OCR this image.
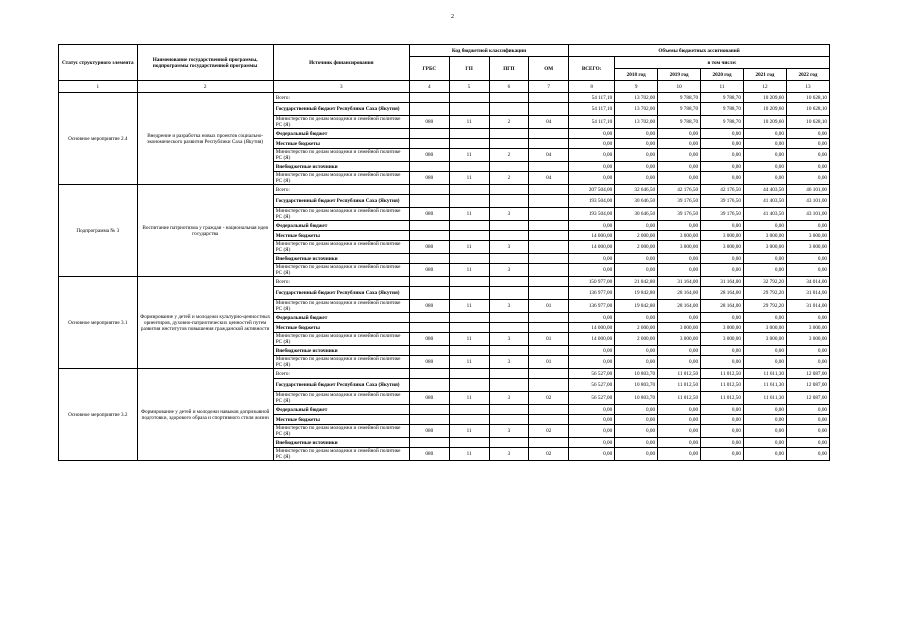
2
Статус структурного элемента	Наименование государственной программы, подпрограммы государственной программы	Источник финансирования	Код бюджетной классификации				Объемы бюджетных ассигнований					
			ГРБС	ГП	ПГП	ОМ	ВСЕГО:	в том числе:				
								2018 год	2019 год	2020 год	2021 год	2022 год

1	2	3	4	5	6	7	8	9	10	11	12	13
Основное мероприятие 2.4	Внедрение и разработка новых проектов социально-экономического развития Республики Саха (Якутия)	Всего:					54 117,10	13 702,00	9 788,70	9 788,70	10 209,60	10 628,10
		Государственный бюджет Республики Саха (Якутия)					54 117,10	13 702,00	9 788,70	9 788,70	10 209,60	10 628,10
		Министерство по делам молодежи и семейной политике РС (Я)	080	11	2	04	54 117,10	13 702,00	9 788,70	9 788,70	10 209,60	10 628,10
		Федеральный бюджет					0,00	0,00	0,00	0,00	0,00	0,00
		Местные бюджеты					0,00	0,00	0,00	0,00	0,00	0,00
		Министерство по делам молодежи и семейной политике РС (Я)	080	11	2	04	0,00	0,00	0,00	0,00	0,00	0,00
		Внебюджетные источники					0,00	0,00	0,00	0,00	0,00	0,00
		Министерство по делам молодежи и семейной политике РС (Я)	080	11	2	04	0,00	0,00	0,00	0,00	0,00	0,00
Подпрограмма № 3	Воспитание патриотизма у граждан - национальная идея государства	Всего:					207 504,00	32 646,50	42 176,50	42 176,50	44 403,50	46 101,00
		Государственный бюджет Республики Саха (Якутия)					193 504,00	30 646,50	39 176,50	39 176,50	41 403,50	43 101,00
		Министерство по делам молодежи и семейной политике РС (Я)	080	11	3		193 504,00	30 646,50	39 176,50	39 176,50	41 403,50	43 101,00
		Федеральный бюджет					0,00	0,00	0,00	0,00	0,00	0,00
		Местные бюджеты					14 000,00	2 000,00	3 000,00	3 000,00	3 000,00	3 000,00
		Министерство по делам молодежи и семейной политике РС (Я)	080	11	3		14 000,00	2 000,00	3 000,00	3 000,00	3 000,00	3 000,00
		Внебюджетные источники					0,00	0,00	0,00	0,00	0,00	0,00
		Министерство по делам молодежи и семейной политике РС (Я)	080	11	3		0,00	0,00	0,00	0,00	0,00	0,00
Основное мероприятие 3.1	Формирование у детей и молодежи культурно-ценностных ориентиров, духовно-патриотических ценностей путем развития институтов повышения гражданской активности	Всего:					150 977,00	21 842,80	31 164,00	31 164,00	32 792,20	34 014,00
		Государственный бюджет Республики Саха (Якутия)					136 977,00	19 842,80	28 164,00	28 164,00	29 792,20	31 014,00
		Министерство по делам молодежи и семейной политике РС (Я)	080	11	3	01	136 977,00	19 842,80	28 164,00	28 164,00	29 792,20	31 014,00
		Федеральный бюджет					0,00	0,00	0,00	0,00	0,00	0,00
		Местные бюджеты					14 000,00	2 000,00	3 000,00	3 000,00	3 000,00	3 000,00
		Министерство по делам молодежи и семейной политике РС (Я)	080	11	3	01	14 000,00	2 000,00	3 000,00	3 000,00	3 000,00	3 000,00
		Внебюджетные источники					0,00	0,00	0,00	0,00	0,00	0,00
		Министерство по делам молодежи и семейной политике РС (Я)	080	11	3	01	0,00	0,00	0,00	0,00	0,00	0,00
Основное мероприятие 3.2	Формирование у детей и молодежи навыков допризывной подготовки, здорового образа и спортивного стиля жизни	Всего:					56 527,00	10 803,70	11 012,50	11 012,50	11 611,30	12 087,00
		Государственный бюджет Республики Саха (Якутия)					56 527,00	10 803,70	11 012,50	11 012,50	11 611,30	12 087,00
		Министерство по делам молодежи и семейной политике РС (Я)	080	11	3	02	56 527,00	10 803,70	11 012,50	11 012,50	11 611,30	12 087,00
		Федеральный бюджет					0,00	0,00	0,00	0,00	0,00	0,00
		Местные бюджеты					0,00	0,00	0,00	0,00	0,00	0,00
		Министерство по делам молодежи и семейной политике РС (Я)	080	11	3	02	0,00	0,00	0,00	0,00	0,00	0,00
		Внебюджетные источники					0,00	0,00	0,00	0,00	0,00	0,00
		Министерство по делам молодежи и семейной политике РС (Я)	080	11	3	02	0,00	0,00	0,00	0,00	0,00	0,00
